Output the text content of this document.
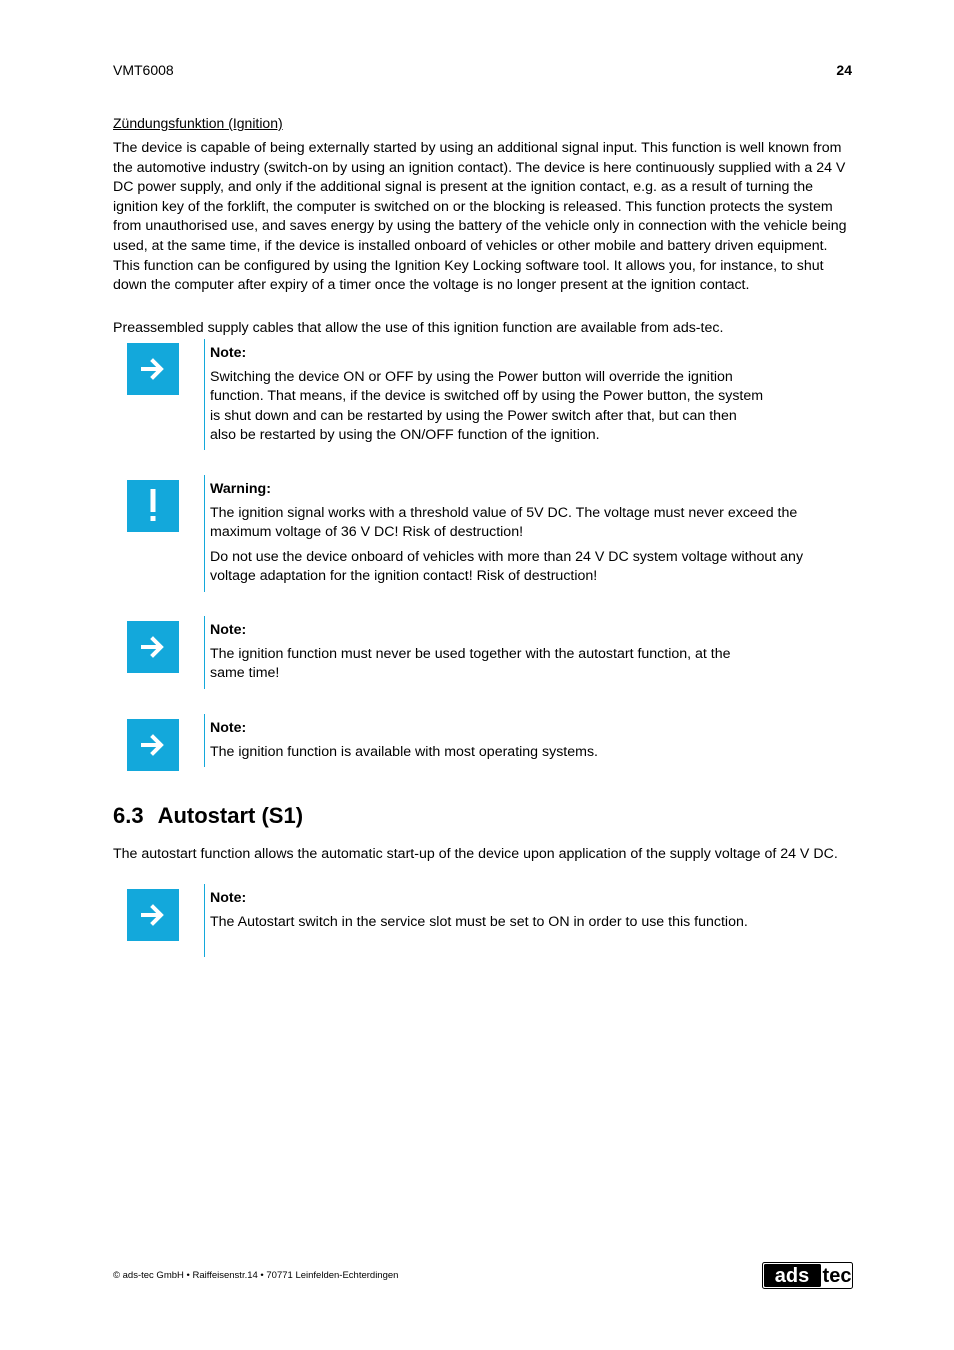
VMT6008	24
Zündungsfunktion (Ignition)
The device is capable of being externally started by using an additional signal input. This function is well known from the automotive industry (switch-on by using an ignition contact). The device is here continuously supplied with a 24 V DC power supply, and only if the additional signal is present at the ignition contact, e.g. as a result of turning the ignition key of the forklift, the computer is switched on or the blocking is released. This function protects the system from unauthorised use, and saves energy by using the battery of the vehicle only in connection with the vehicle being used, at the same time, if the device is installed onboard of vehicles or other mobile and battery driven equipment. This function can be configured by using the Ignition Key Locking software tool. It allows you, for instance, to shut down the computer after expiry of a timer once the voltage is no longer present at the ignition contact.
Preassembled supply cables that allow the use of this ignition function are available from ads-tec.
Note:

Switching the device ON or OFF by using the Power button will override the ignition function. That means, if the device is switched off by using the Power button, the system is shut down and can be restarted by using the Power switch after that, but can then also be restarted by using the ON/OFF function of the ignition.

Warning:

The ignition signal works with a threshold value of 5V DC. The voltage must never exceed the maximum voltage of 36 V DC! Risk of destruction!

Do not use the device onboard of vehicles with more than 24 V DC system voltage without any voltage adaptation for the ignition contact! Risk of destruction!

Note:

The ignition function must never be used together with the autostart function, at the same time!

Note:

The ignition function is available with most operating systems.

6.3 Autostart (S1)
The autostart function allows the automatic start-up of the device upon application of the supply voltage of 24 V DC.
Note:

The Autostart switch in the service slot must be set to ON in order to use this function.

© ads-tec GmbH • Raiffeisenstr.14 • 70771 Leinfelden-Echterdingen	ads tec
